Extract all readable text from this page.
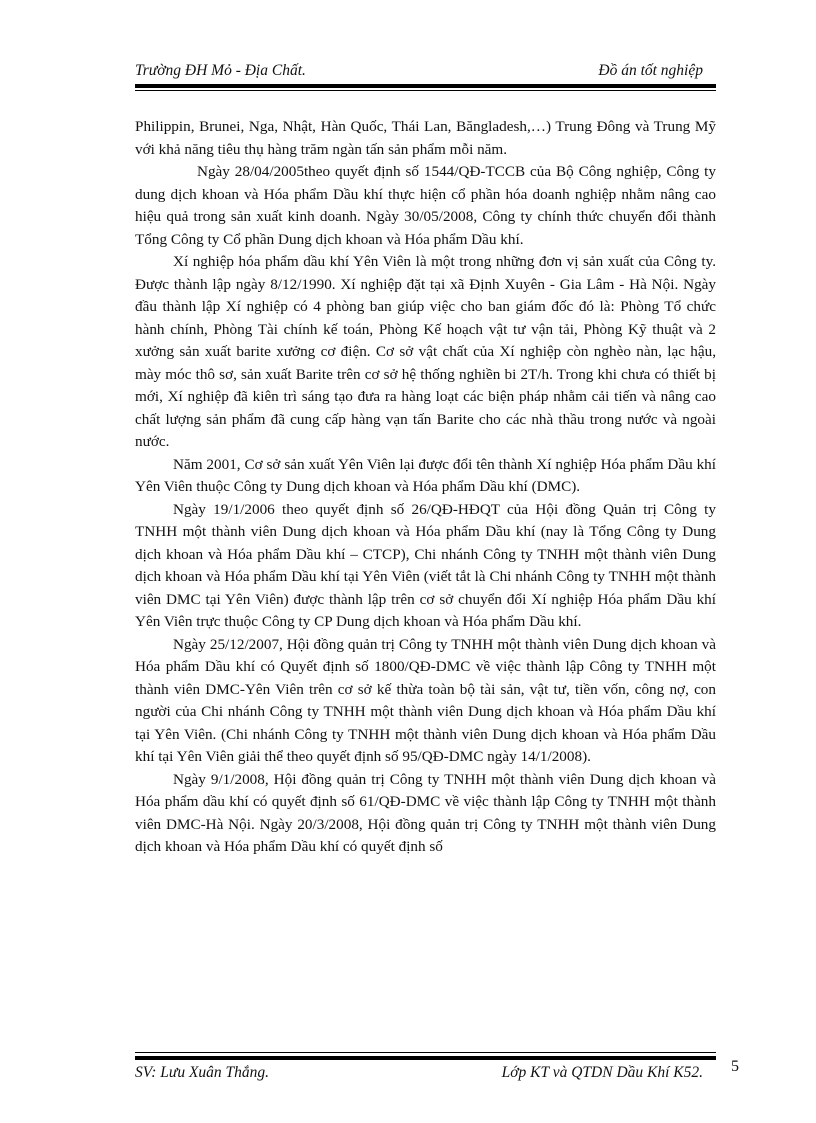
Trường ĐH Mỏ - Địa Chất.	Đồ án tốt nghiệp

Philippin, Brunei, Nga, Nhật, Hàn Quốc, Thái Lan, Băngladesh,…) Trung Đông và Trung Mỹ với khả năng tiêu thụ hàng trăm ngàn tấn sản phẩm mỗi năm.

Ngày 28/04/2005theo quyết định số 1544/QĐ-TCCB của Bộ Công nghiệp, Công ty dung dịch khoan và Hóa phẩm Dầu khí thực hiện cổ phần hóa doanh nghiệp nhằm nâng cao hiệu quả trong sản xuất kinh doanh. Ngày 30/05/2008, Công ty chính thức chuyển đổi thành Tổng Công ty Cổ phần Dung dịch khoan và Hóa phẩm Dầu khí.

Xí nghiệp hóa phẩm dầu khí Yên Viên là một trong những đơn vị sản xuất của Công ty. Được thành lập ngày 8/12/1990. Xí nghiệp đặt tại xã Định Xuyên - Gia Lâm - Hà Nội. Ngày đầu thành lập Xí nghiệp có 4 phòng ban giúp việc cho ban giám đốc đó là: Phòng Tổ chức hành chính, Phòng Tài chính kế toán, Phòng Kế hoạch vật tư vận tải, Phòng Kỹ thuật và 2 xưởng sản xuất barite xưởng cơ điện. Cơ sở vật chất của Xí nghiệp còn nghèo nàn, lạc hậu, mày móc thô sơ, sản xuất Barite trên cơ sở hệ thống nghiền bi 2T/h. Trong khi chưa có thiết bị mới, Xí nghiệp đã kiên trì sáng tạo đưa ra hàng loạt các biện pháp nhằm cải tiến và nâng cao chất lượng sản phẩm đã cung cấp hàng vạn tấn Barite cho các nhà thầu trong nước và ngoài nước.

Năm 2001, Cơ sở sản xuất Yên Viên lại được đổi tên thành Xí nghiệp Hóa phẩm Dầu khí Yên Viên thuộc Công ty Dung dịch khoan và Hóa phẩm Dầu khí (DMC).

Ngày 19/1/2006 theo quyết định số 26/QĐ-HĐQT của Hội đồng Quản trị Công ty TNHH một thành viên Dung dịch khoan và Hóa phẩm Dầu khí (nay là Tổng Công ty Dung dịch khoan và Hóa phẩm Dầu khí – CTCP), Chi nhánh Công ty TNHH một thành viên Dung dịch khoan và Hóa phẩm Dầu khí tại Yên Viên (viết tắt là Chi nhánh Công ty TNHH một thành viên DMC tại Yên Viên) được thành lập trên cơ sở chuyển đổi Xí nghiệp Hóa phẩm Dầu khí Yên Viên trực thuộc Công ty CP Dung dịch khoan và Hóa phẩm Dầu khí.

Ngày 25/12/2007, Hội đồng quản trị Công ty TNHH một thành viên Dung dịch khoan và Hóa phẩm Dầu khí có Quyết định số 1800/QĐ-DMC về việc thành lập Công ty TNHH một thành viên DMC-Yên Viên trên cơ sở kế thừa toàn bộ tài sản, vật tư, tiền vốn, công nợ, con người của Chi nhánh Công ty TNHH một thành viên Dung dịch khoan và Hóa phẩm Dầu khí tại Yên Viên. (Chi nhánh Công ty TNHH một thành viên Dung dịch khoan và Hóa phẩm Dầu khí tại Yên Viên giải thể theo quyết định số 95/QĐ-DMC ngày 14/1/2008).

Ngày 9/1/2008, Hội đồng quản trị Công ty TNHH một thành viên Dung dịch khoan và Hóa phẩm dầu khí có quyết định số 61/QĐ-DMC về việc thành lập Công ty TNHH một thành viên DMC-Hà Nội. Ngày 20/3/2008, Hội đồng quản trị Công ty TNHH một thành viên Dung dịch khoan và Hóa phẩm Dầu khí có quyết định số

SV: Lưu Xuân Thắng.	Lớp KT và QTDN Dầu Khí K52. 5
